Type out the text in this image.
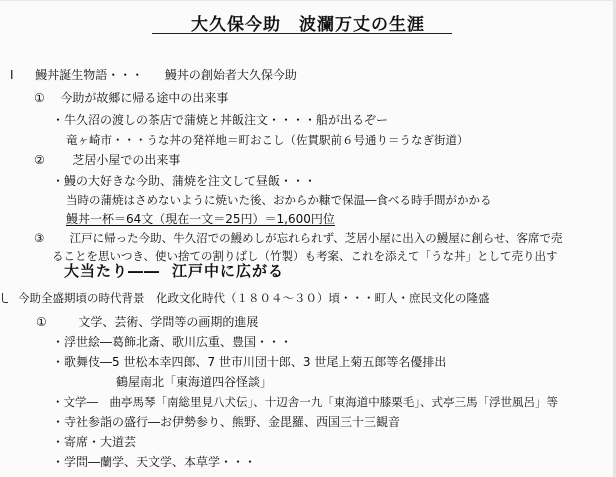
大久保今助 波瀾万丈の生涯
Ⅰ 鰻丼誕生物語・・・ 鰻丼の創始者大久保今助
① 今助が故郷に帰る途中の出来事
・牛久沼の渡しの茶店で蒲焼と丼飯注文・・・・船が出るぞー
竜ヶ崎市・・・うな丼の発祥地＝町おこし（佐貫駅前６号通り＝うなぎ街道）
② 芝居小屋での出来事
・鰻の大好きな今助、蒲焼を注文して昼飯・・・
当時の蒲焼はさめないように焼いた後、おからか糠で保温―食べる時手間がかかる
鰻丼一杯＝64文（現在一文＝25円）＝1,600円位
③ 江戸に帰った今助、牛久沼での鰻めしが忘れられず、芝居小屋に出入の鰻屋に創らせ、客席で売
ることを思いつき、使い捨ての割りばし（竹製）も考案、これを添えて「うな丼」として売り出す
大当たり―― 江戸中に広がる
今助全盛期頃の時代背景　化政文化時代（１８０４～３０）頃・・・町人・庶民文化の隆盛
①	文学、芸術、学問等の画期的進展
・浮世絵―葛飾北斎、歌川広重、豊国・・・
・歌舞伎―5 世松本幸四郎、7 世市川団十郎、3 世尾上菊五郎等名優排出
鶴屋南北「東海道四谷怪談」
・文学―　曲亭馬琴「南総里見八犬伝」、十辺舎一九「東海道中膝栗毛」、式亭三馬「浮世風呂」等
・寺社参詣の盛行―お伊勢参り、熊野、金毘羅、西国三十三観音
・寄席・大道芸
・学問―蘭学、天文学、本草学・・・
